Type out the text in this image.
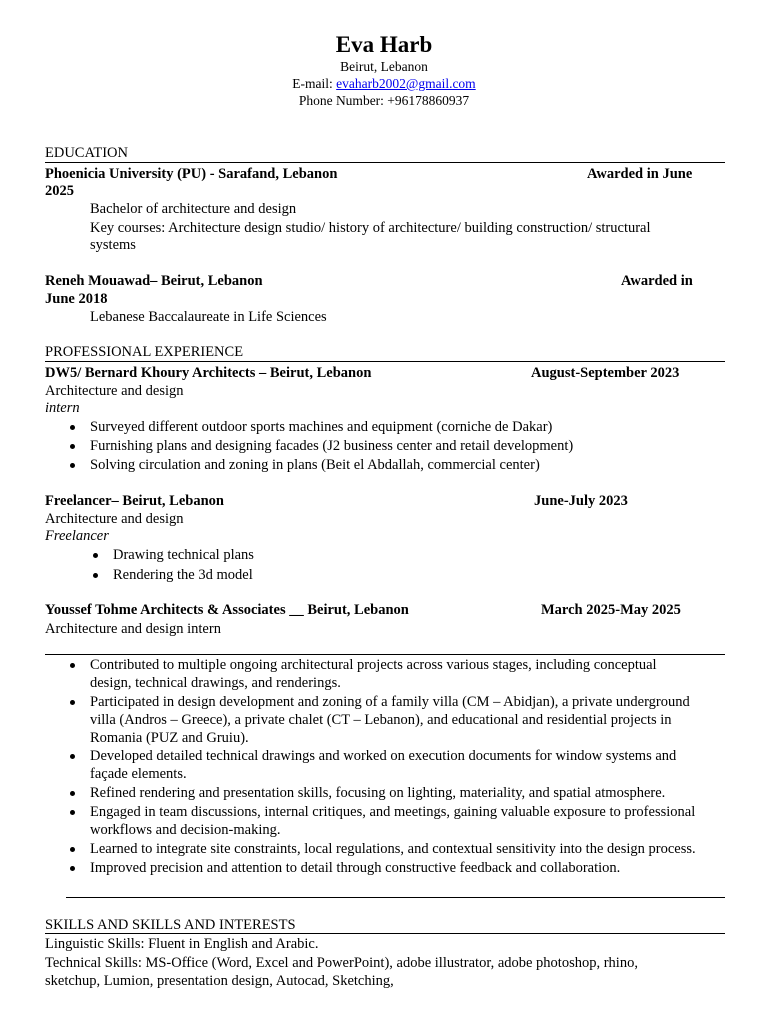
Eva Harb
Beirut, Lebanon
E-mail: evaharb2002@gmail.com
Phone Number: +96178860937
EDUCATION
Phoenicia University (PU) - Sarafand, Lebanon	Awarded in June
2025
Bachelor of architecture and design
Key courses: Architecture design studio/ history of architecture/ building construction/ structural
systems
Reneh Mouawad– Beirut, Lebanon	Awarded in
June 2018
Lebanese Baccalaureate in Life Sciences
PROFESSIONAL EXPERIENCE
DW5/ Bernard Khoury Architects – Beirut, Lebanon	August-September 2023
Architecture and design
intern
Surveyed different outdoor sports machines and equipment (corniche de Dakar)
Furnishing plans and designing facades (J2 business center and retail development)
Solving circulation and zoning in plans (Beit el Abdallah, commercial center)
Freelancer– Beirut, Lebanon	June-July 2023
Architecture and design
Freelancer
Drawing technical plans
Rendering the 3d model
Youssef Tohme Architects & Associates __ Beirut, Lebanon	March 2025-May 2025
Architecture and design intern
Contributed to multiple ongoing architectural projects across various stages, including conceptual
design, technical drawings, and renderings.
Participated in design development and zoning of a family villa (CM – Abidjan), a private underground
villa (Andros – Greece), a private chalet (CT – Lebanon), and educational and residential projects in
Romania (PUZ and Gruiu).
Developed detailed technical drawings and worked on execution documents for window systems and
façade elements.
Refined rendering and presentation skills, focusing on lighting, materiality, and spatial atmosphere.
Engaged in team discussions, internal critiques, and meetings, gaining valuable exposure to professional
workflows and decision-making.
Learned to integrate site constraints, local regulations, and contextual sensitivity into the design process.
Improved precision and attention to detail through constructive feedback and collaboration.
SKILLS AND SKILLS AND INTERESTS
Linguistic Skills: Fluent in English and Arabic.
Technical Skills: MS-Office (Word, Excel and PowerPoint), adobe illustrator, adobe photoshop, rhino,
sketchup, Lumion, presentation design, Autocad, Sketching,
